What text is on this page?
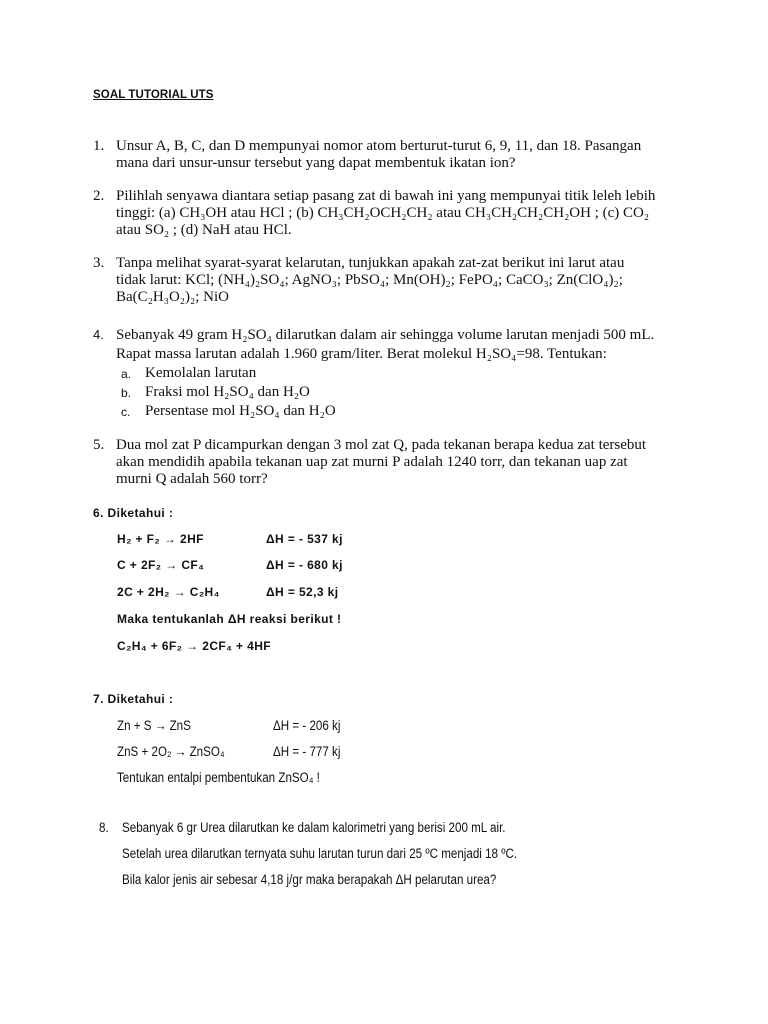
SOAL TUTORIAL UTS
1. Unsur A, B, C, dan D mempunyai nomor atom berturut-turut 6, 9, 11, dan 18. Pasangan
mana dari unsur-unsur tersebut yang dapat membentuk ikatan ion?
2. Pilihlah senyawa diantara setiap pasang zat di bawah ini yang mempunyai titik leleh lebih
tinggi: (a) CH₃OH atau HCl ; (b) CH₃CH₂OCH₂CH₂ atau CH₃CH₂CH₂CH₂OH ; (c) CO₂
atau SO₂ ; (d) NaH atau HCl.
3. Tanpa melihat syarat-syarat kelarutan, tunjukkan apakah zat-zat berikut ini larut atau
tidak larut: KCl; (NH₄)₂SO₄; AgNO₃; PbSO₄; Mn(OH)₂; FePO₄; CaCO₃; Zn(ClO₄)₂;
Ba(C₂H₃O₂)₂; NiO
4. Sebanyak 49 gram H₂SO₄ dilarutkan dalam air sehingga volume larutan menjadi 500 mL.
Rapat massa larutan adalah 1.960 gram/liter. Berat molekul H₂SO₄=98. Tentukan:
a. Kemolalan larutan
b. Fraksi mol H₂SO₄ dan H₂O
c. Persentase mol H₂SO₄ dan H₂O
5. Dua mol zat P dicampurkan dengan 3 mol zat Q, pada tekanan berapa kedua zat tersebut
akan mendidih apabila tekanan uap zat murni P adalah 1240 torr, dan tekanan uap zat
murni Q adalah 560 torr?
6. Diketahui :
H₂ + F₂ → 2HF	ΔH = - 537 kj
C + 2F₂ → CF₄	ΔH = - 680 kj
2C + 2H₂ → C₂H₄	ΔH = 52,3 kj
Maka tentukanlah ΔH reaksi berikut !
C₂H₄ + 6F₂ → 2CF₄ + 4HF
7. Diketahui :
Zn + S → ZnS	ΔH = - 206 kj
ZnS + 2O₂ → ZnSO₄	ΔH = - 777 kj
Tentukan entalpi pembentukan ZnSO₄ !
8. Sebanyak 6 gr Urea dilarutkan ke dalam kalorimetri yang berisi 200 mL air.
Setelah urea dilarutkan ternyata suhu larutan turun dari 25 ºC menjadi 18 ºC.
Bila kalor jenis air sebesar 4,18 j/gr maka berapakah ΔH pelarutan urea?
